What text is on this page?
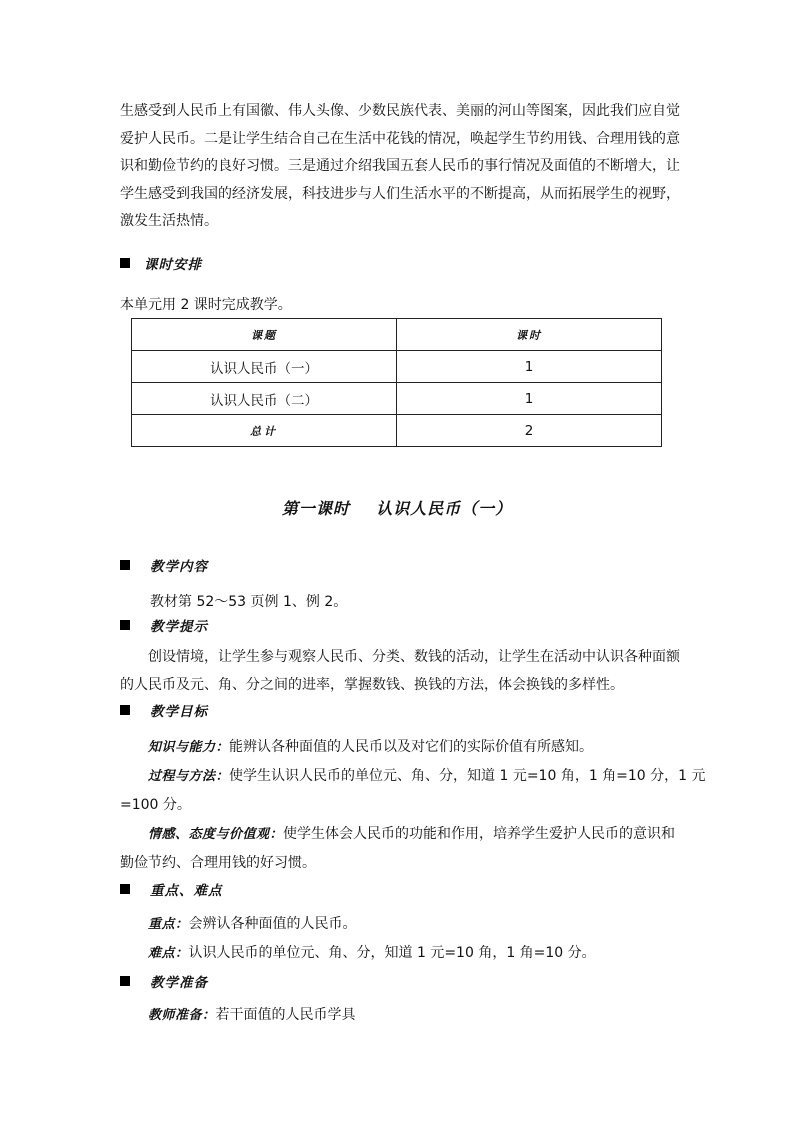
生感受到人民币上有国徽、伟人头像、少数民族代表、美丽的河山等图案，因此我们应自觉
爱护人民币。二是让学生结合自己在生活中花钱的情况，唤起学生节约用钱、合理用钱的意
识和勤俭节约的良好习惯。三是通过介绍我国五套人民币的事行情况及面值的不断增大，让
学生感受到我国的经济发展，科技进步与人们生活水平的不断提高，从而拓展学生的视野，
激发生活热情。
课时安排
本单元用 2 课时完成教学。
课题	课时
认识人民币（一）	1
认识人民币（二）	1
总计	2
第一课时    认识人民币（一）
教学内容
教材第 52～53 页例 1、例 2。
教学提示
创设情境，让学生参与观察人民币、分类、数钱的活动，让学生在活动中认识各种面额
的人民币及元、角、分之间的进率，掌握数钱、换钱的方法，体会换钱的多样性。
教学目标
知识与能力：能辨认各种面值的人民币以及对它们的实际价值有所感知。
过程与方法：使学生认识人民币的单位元、角、分，知道 1 元=10 角，1 角=10 分，1 元
=100 分。
情感、态度与价值观：使学生体会人民币的功能和作用，培养学生爱护人民币的意识和
勤俭节约、合理用钱的好习惯。
重点、难点
重点：会辨认各种面值的人民币。
难点：认识人民币的单位元、角、分，知道 1 元=10 角，1 角=10 分。
教学准备
教师准备：若干面值的人民币学具
